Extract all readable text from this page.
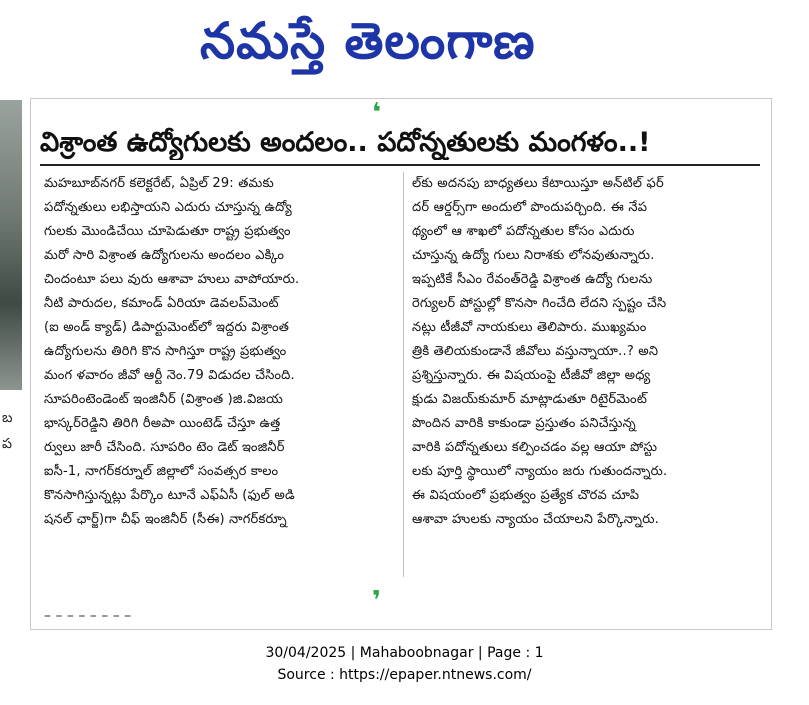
నమస్తే తెలంగాణ
బ
ప
❛
విశ్రాంత ఉద్యోగులకు అందలం.. పదోన్నతులకు మంగళం..!
మహబూబ్‌నగర్ కలెక్టరేట్, ఏప్రిల్ 29: తమకు
పదోన్నతులు లభిస్తాయని ఎదురు చూస్తున్న ఉద్యో
గులకు మొండిచేయి చూపెడుతూ రాష్ట్ర ప్రభుత్వం
మరో సారి విశ్రాంత ఉద్యోగులను అందలం ఎక్కిం
చిందంటూ పలు వురు ఆశావా హులు వాపోయారు.
నీటి పారుదల, కమాండ్ ఏరియా డెవలప్‌మెంట్
(ఐ అండ్ క్యాడ్) డిపార్టుమెంట్‌లో ఇద్దరు విశ్రాంత
ఉద్యోగులను తిరిగి కొన సాగిస్తూ రాష్ట్ర ప్రభుత్వం
మంగ ళవారం జీవో ఆర్టీ నెం.79 విడుదల చేసింది.
సూపరింటెండెంట్ ఇంజినీర్ (విశ్రాంత )జి.విజయ
భాస్కర్‌రెడ్డిని తిరిగి రీఅపా యింటెడ్ చేస్తూ ఉత్త
ర్వులు జారీ చేసింది. సూపరిం టెం డెట్ ఇంజినీర్
ఐసీ-1, నాగర్‌కర్నూల్ జిల్లాలో సంవత్సర కాలం
కొనసాగిస్తున్నట్లు పేర్కొం టూనే ఎఫ్ఏసీ (ఫుల్ అడి
షనల్ ఛార్జ్)గా చీఫ్ ఇంజినీర్ (సీఈ) నాగర్‌కర్నూ
ల్‌కు అదనపు బాధ్యతలు కేటాయిస్తూ అన్‌టిల్ ఫర్
దర్ ఆర్డర్స్‌గా అందులో పొందుపర్చింది. ఈ నేప
థ్యంలో ఆ శాఖలో పదోన్నతుల కోసం ఎదురు
చూస్తున్న ఉద్యో గులు నిరాశకు లోనవుతున్నారు.
ఇప్పటికే సీఎం రేవంత్‌రెడ్డి విశ్రాంత ఉద్యో గులను
రెగ్యులర్ పోస్టుల్లో కొనసా గించేది లేదని స్పష్టం చేసి
నట్లు టీజీవో నాయకులు తెలిపారు. ముఖ్యమం
త్రికి తెలియకుండానే జీవోలు వస్తున్నాయా..? అని
ప్రశ్నిస్తున్నారు. ఈ విషయంపై టీజీవో జిల్లా అధ్య
క్షుడు విజయ్‌కుమార్ మాట్లాడుతూ రిటైర్‌మెంట్
పొందిన వారికి కాకుండా ప్రస్తుతం పనిచేస్తున్న
వారికి పదోన్నతులు కల్పించడం వల్ల ఆయా పోస్టు
లకు పూర్తి స్థాయిలో న్యాయం జరు గుతుందన్నారు.
ఈ విషయంలో ప్రభుత్వం ప్రత్యేక చొరవ చూపి
ఆశావా హులకు న్యాయం చేయాలని పేర్కొన్నారు.
❜
– – – – – – – –
30/04/2025 | Mahaboobnagar | Page : 1
Source : https://epaper.ntnews.com/
